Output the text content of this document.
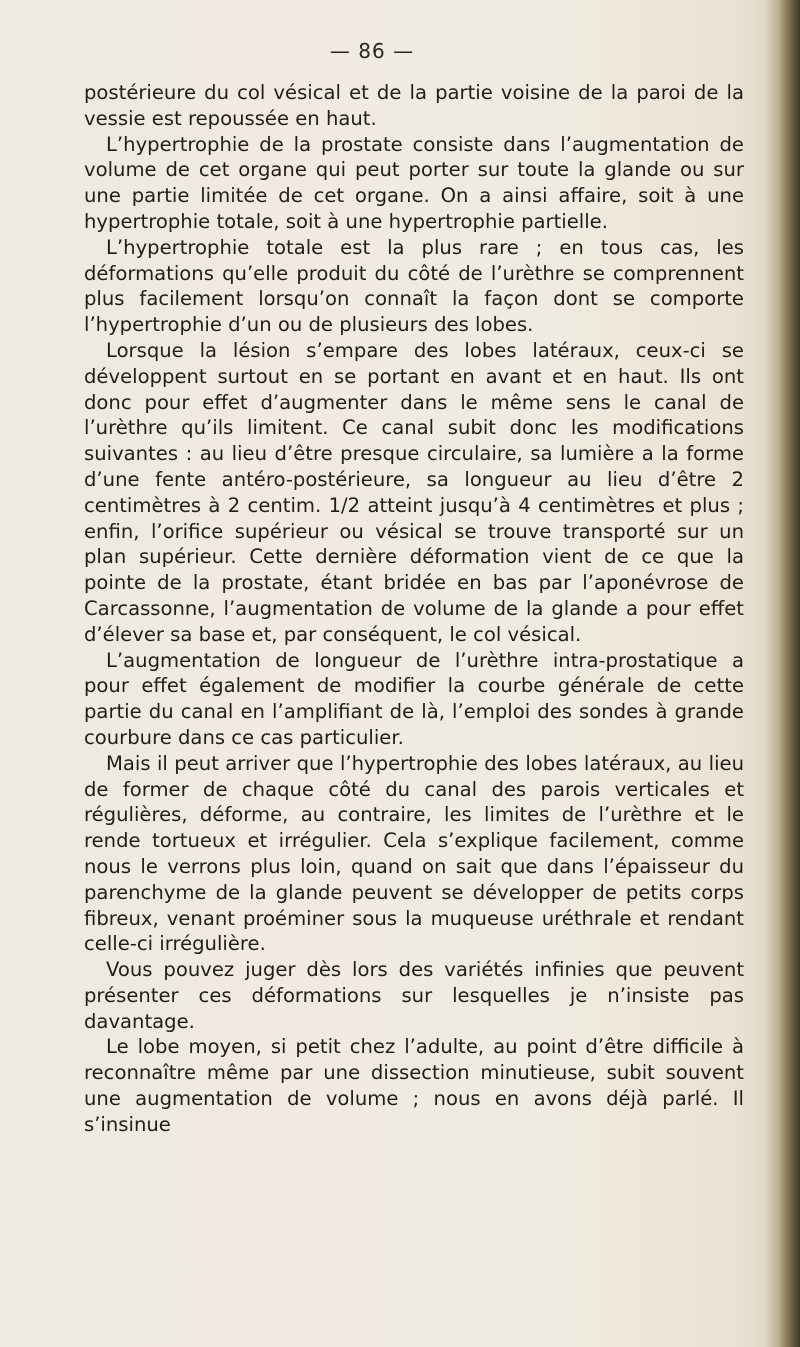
— 86 —

postérieure du col vésical et de la partie voisine de la paroi de la vessie est repoussée en haut.

L’hypertrophie de la prostate consiste dans l’augmentation de volume de cet organe qui peut porter sur toute la glande ou sur une partie limitée de cet organe. On a ainsi affaire, soit à une hypertrophie totale, soit à une hypertrophie partielle.

L’hypertrophie totale est la plus rare ; en tous cas, les déformations qu’elle produit du côté de l’urèthre se comprennent plus facilement lorsqu’on connaît la façon dont se comporte l’hypertrophie d’un ou de plusieurs des lobes.

Lorsque la lésion s’empare des lobes latéraux, ceux-ci se développent surtout en se portant en avant et en haut. Ils ont donc pour effet d’augmenter dans le même sens le canal de l’urèthre qu’ils limitent. Ce canal subit donc les modifications suivantes : au lieu d’être presque circulaire, sa lumière a la forme d’une fente antéro-postérieure, sa longueur au lieu d’être 2 centimètres à 2 centim. 1/2 atteint jusqu’à 4 centimètres et plus ; enfin, l’orifice supérieur ou vésical se trouve transporté sur un plan supérieur. Cette dernière déformation vient de ce que la pointe de la prostate, étant bridée en bas par l’aponévrose de Carcassonne, l’augmentation de volume de la glande a pour effet d’élever sa base et, par conséquent, le col vésical.

L’augmentation de longueur de l’urèthre intra-prostatique a pour effet également de modifier la courbe générale de cette partie du canal en l’amplifiant de là, l’emploi des sondes à grande courbure dans ce cas particulier.

Mais il peut arriver que l’hypertrophie des lobes latéraux, au lieu de former de chaque côté du canal des parois verticales et régulières, déforme, au contraire, les limites de l’urèthre et le rende tortueux et irrégulier. Cela s’explique facilement, comme nous le verrons plus loin, quand on sait que dans l’épaisseur du parenchyme de la glande peuvent se développer de petits corps fibreux, venant proéminer sous la muqueuse uréthrale et rendant celle-ci irrégulière.

Vous pouvez juger dès lors des variétés infinies que peuvent présenter ces déformations sur lesquelles je n’insiste pas davantage.

Le lobe moyen, si petit chez l’adulte, au point d’être difficile à reconnaître même par une dissection minutieuse, subit souvent une augmentation de volume ; nous en avons déjà parlé. Il s’insinue
